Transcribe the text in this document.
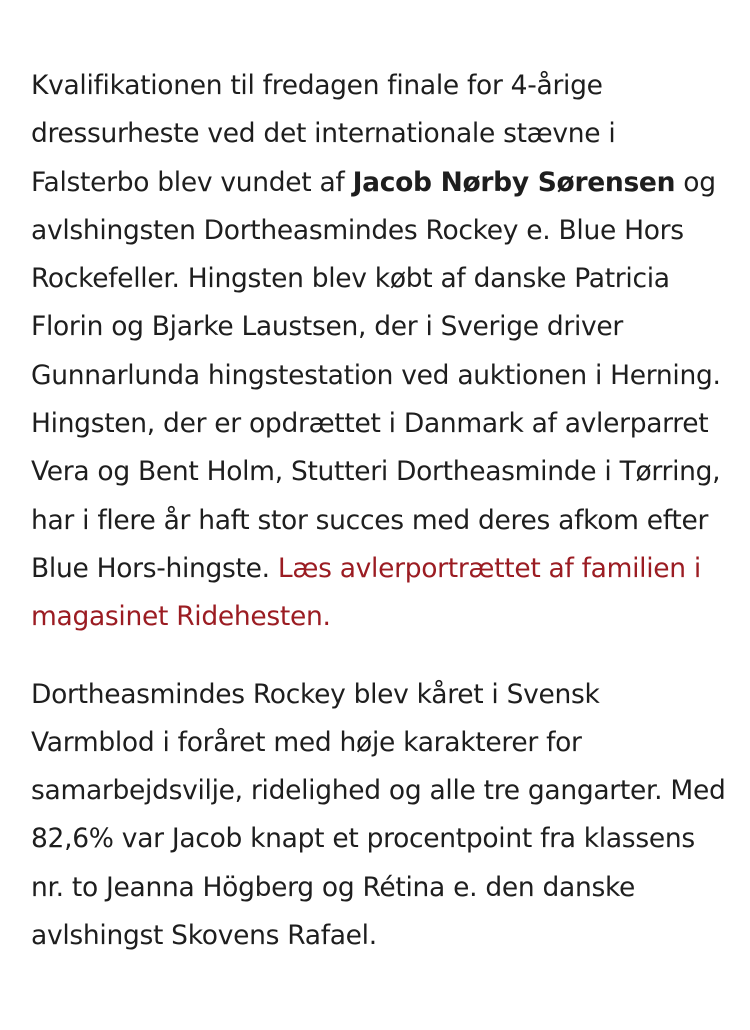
Kvalifikationen til fredagen finale for 4-årige dressurheste ved det internationale stævne i Falsterbo blev vundet af Jacob Nørby Sørensen og avlshingsten Dortheasmindes Rockey e. Blue Hors Rockefeller. Hingsten blev købt af danske Patricia Florin og Bjarke Laustsen, der i Sverige driver Gunnarlunda hingstestation ved auktionen i Herning. Hingsten, der er opdrættet i Danmark af avlerparret Vera og Bent Holm, Stutteri Dortheasminde i Tørring, har i flere år haft stor succes med deres afkom efter Blue Hors-hingste. Læs avlerportrættet af familien i magasinet Ridehesten.

Dortheasmindes Rockey blev kåret i Svensk Varmblod i foråret med høje karakterer for samarbejdsvilje, ridelighed og alle tre gangarter. Med 82,6% var Jacob knapt et procentpoint fra klassens nr. to Jeanna Högberg og Rétina e. den danske avlshingst Skovens Rafael.
